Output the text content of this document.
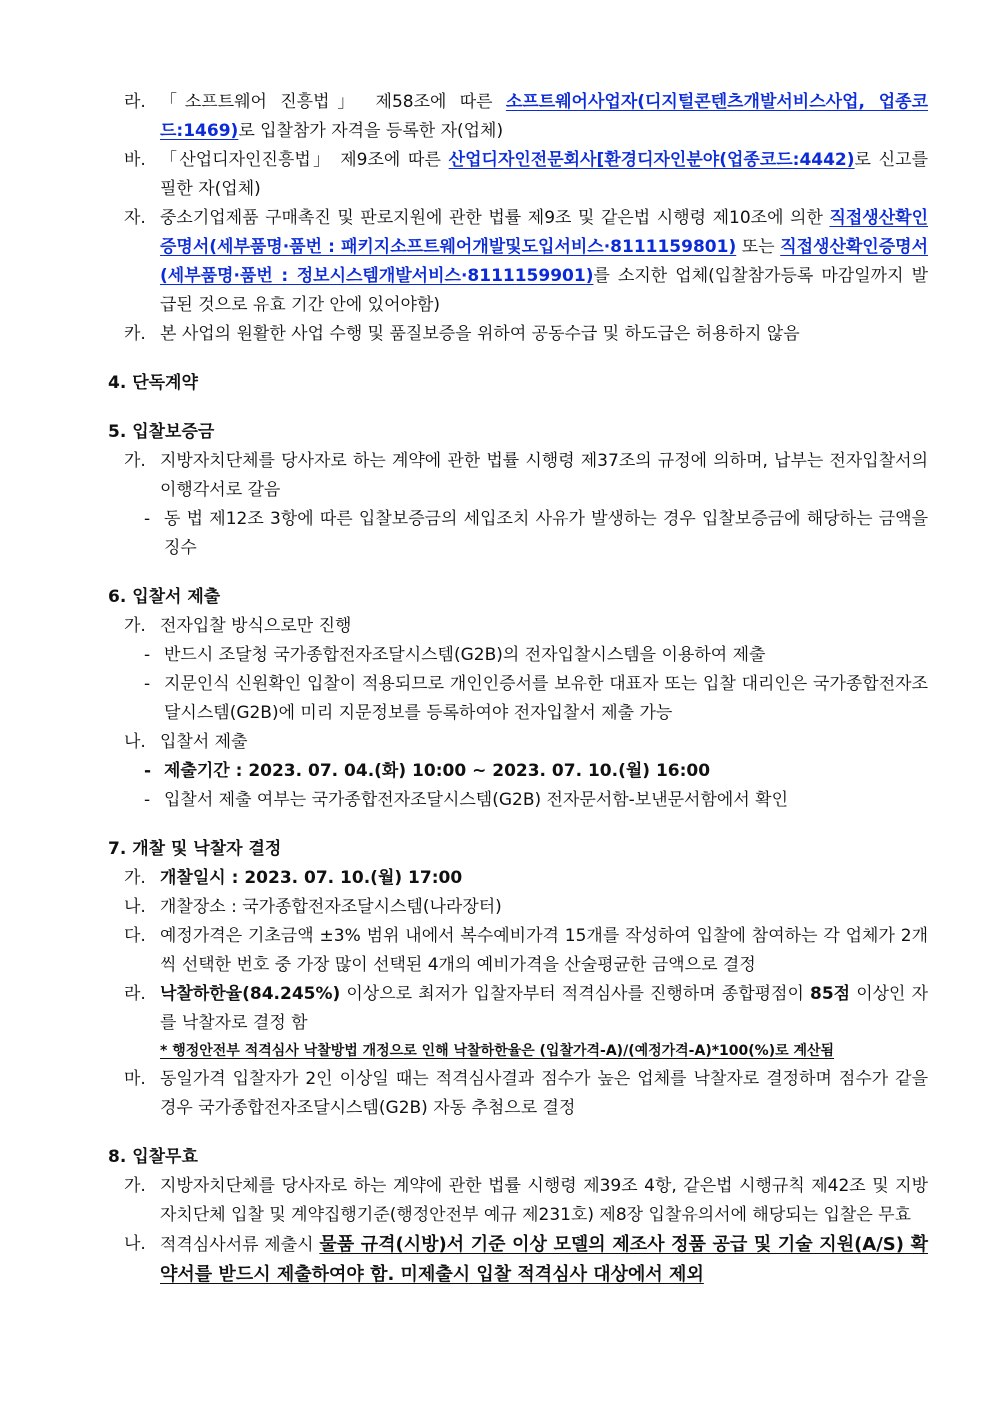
라. 「소프트웨어 진흥법」 제58조에 따른 소프트웨어사업자(디지털콘텐츠개발서비스사업, 업종코드:1469)로 입찰참가 자격을 등록한 자(업체)
바. 「산업디자인진흥법」 제9조에 따른 산업디자인전문회사[환경디자인분야(업종코드:4442)로 신고를 필한 자(업체)
자. 중소기업제품 구매촉진 및 판로지원에 관한 법률 제9조 및 같은법 시행령 제10조에 의한 직접생산확인증명서(세부품명·품번 : 패키지소프트웨어개발및도입서비스·8111159801) 또는 직접생산확인증명서(세부품명·품번 : 정보시스템개발서비스·8111159901)를 소지한 업체(입찰참가등록 마감일까지 발급된 것으로 유효 기간 안에 있어야함)
카. 본 사업의 원활한 사업 수행 및 품질보증을 위하여 공동수급 및 하도급은 허용하지 않음
4. 단독계약
5. 입찰보증금
가. 지방자치단체를 당사자로 하는 계약에 관한 법률 시행령 제37조의 규정에 의하며, 납부는 전자입찰서의 이행각서로 갈음
- 동 법 제12조 3항에 따른 입찰보증금의 세입조치 사유가 발생하는 경우 입찰보증금에 해당하는 금액을 징수
6. 입찰서 제출
가. 전자입찰 방식으로만 진행
- 반드시 조달청 국가종합전자조달시스템(G2B)의 전자입찰시스템을 이용하여 제출
- 지문인식 신원확인 입찰이 적용되므로 개인인증서를 보유한 대표자 또는 입찰 대리인은 국가종합전자조달시스템(G2B)에 미리 지문정보를 등록하여야 전자입찰서 제출 가능
나. 입찰서 제출
- 제출기간 : 2023. 07. 04.(화) 10:00 ~ 2023. 07. 10.(월) 16:00
- 입찰서 제출 여부는 국가종합전자조달시스템(G2B) 전자문서함-보낸문서함에서 확인
7. 개찰 및 낙찰자 결정
가. 개찰일시 : 2023. 07. 10.(월) 17:00
나. 개찰장소 : 국가종합전자조달시스템(나라장터)
다. 예정가격은 기초금액 ±3% 범위 내에서 복수예비가격 15개를 작성하여 입찰에 참여하는 각 업체가 2개씩 선택한 번호 중 가장 많이 선택된 4개의 예비가격을 산술평균한 금액으로 결정
라. 낙찰하한율(84.245%) 이상으로 최저가 입찰자부터 적격심사를 진행하며 종합평점이 85점 이상인 자를 낙찰자로 결정 함
* 행정안전부 적격심사 낙찰방법 개정으로 인해 낙찰하한율은 (입찰가격-A)/(예정가격-A)*100(%)로 계산됨
마. 동일가격 입찰자가 2인 이상일 때는 적격심사결과 점수가 높은 업체를 낙찰자로 결정하며 점수가 같을 경우 국가종합전자조달시스템(G2B) 자동 추첨으로 결정
8. 입찰무효
가. 지방자치단체를 당사자로 하는 계약에 관한 법률 시행령 제39조 4항, 같은법 시행규칙 제42조 및 지방자치단체 입찰 및 계약집행기준(행정안전부 예규 제231호) 제8장 입찰유의서에 해당되는 입찰은 무효
나. 적격심사서류 제출시 물품 규격(시방)서 기준 이상 모델의 제조사 정품 공급 및 기술 지원(A/S) 확약서를 받드시 제출하여야 함. 미제출시 입찰 적격심사 대상에서 제외
